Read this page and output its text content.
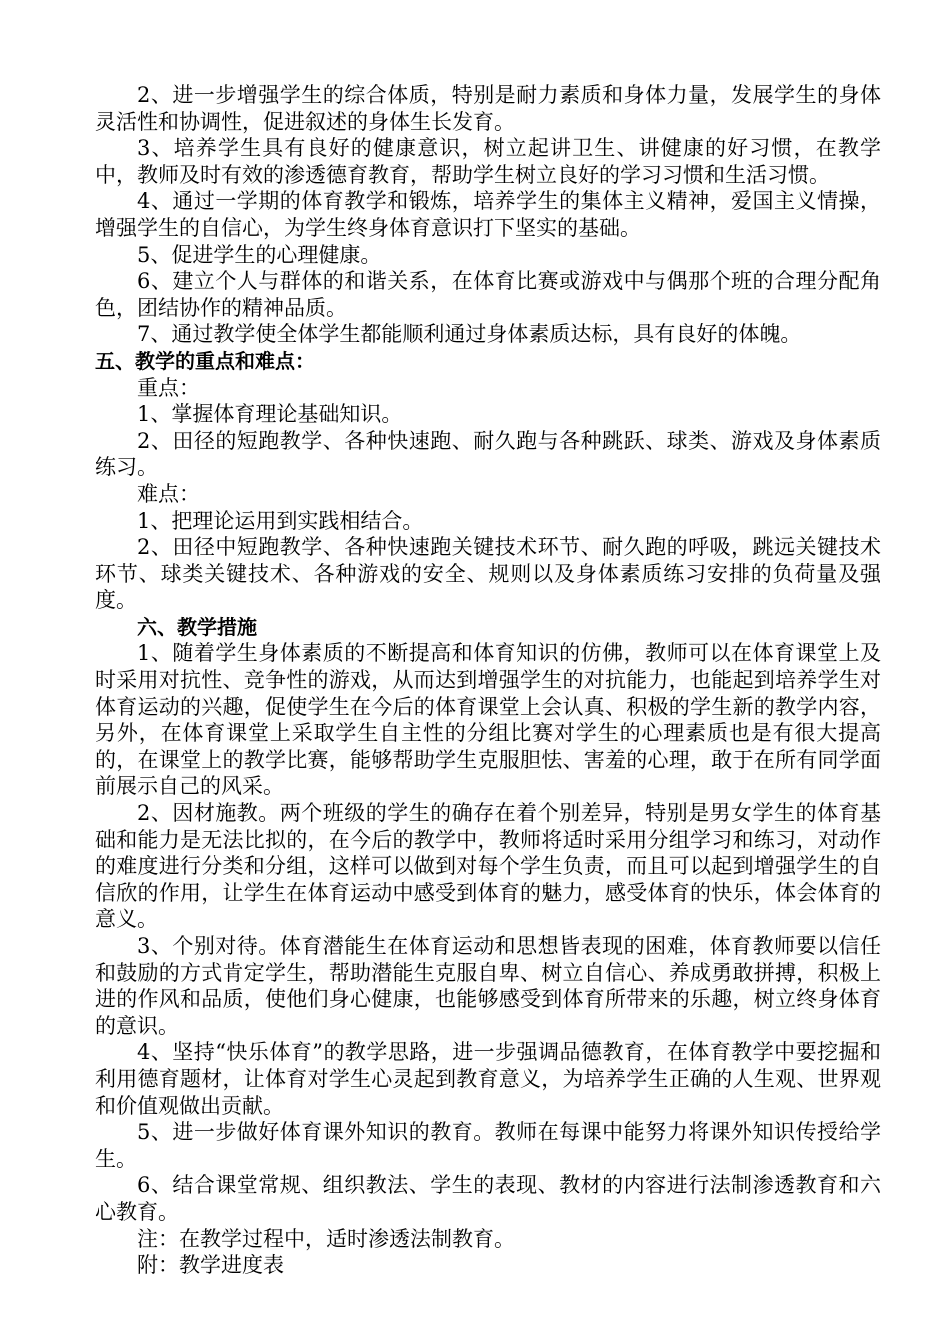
2、进一步增强学生的综合体质，特别是耐力素质和身体力量，发展学生的身体灵活性和协调性，促进叙述的身体生长发育。

3、培养学生具有良好的健康意识，树立起讲卫生、讲健康的好习惯，在教学中，教师及时有效的渗透德育教育，帮助学生树立良好的学习习惯和生活习惯。

4、通过一学期的体育教学和锻炼，培养学生的集体主义精神，爱国主义情操，增强学生的自信心，为学生终身体育意识打下坚实的基础。

5、促进学生的心理健康。

6、建立个人与群体的和谐关系，在体育比赛或游戏中与偶那个班的合理分配角色，团结协作的精神品质。

7、通过教学使全体学生都能顺利通过身体素质达标，具有良好的体魄。

五、教学的重点和难点：

重点：

1、掌握体育理论基础知识。

2、田径的短跑教学、各种快速跑、耐久跑与各种跳跃、球类、游戏及身体素质练习。

难点：

1、把理论运用到实践相结合。

2、田径中短跑教学、各种快速跑关键技术环节、耐久跑的呼吸，跳远关键技术环节、球类关键技术、各种游戏的安全、规则以及身体素质练习安排的负荷量及强度。

六、教学措施

1、随着学生身体素质的不断提高和体育知识的仿佛，教师可以在体育课堂上及时采用对抗性、竞争性的游戏，从而达到增强学生的对抗能力，也能起到培养学生对体育运动的兴趣，促使学生在今后的体育课堂上会认真、积极的学生新的教学内容，另外，在体育课堂上采取学生自主性的分组比赛对学生的心理素质也是有很大提高的，在课堂上的教学比赛，能够帮助学生克服胆怯、害羞的心理，敢于在所有同学面前展示自己的风采。

2、因材施教。两个班级的学生的确存在着个别差异，特别是男女学生的体育基础和能力是无法比拟的，在今后的教学中，教师将适时采用分组学习和练习，对动作的难度进行分类和分组，这样可以做到对每个学生负责，而且可以起到增强学生的自信欣的作用，让学生在体育运动中感受到体育的魅力，感受体育的快乐，体会体育的意义。

3、个别对待。体育潜能生在体育运动和思想皆表现的困难，体育教师要以信任和鼓励的方式肯定学生，帮助潜能生克服自卑、树立自信心、养成勇敢拼搏，积极上进的作风和品质，使他们身心健康，也能够感受到体育所带来的乐趣，树立终身体育的意识。

4、坚持“快乐体育”的教学思路，进一步强调品德教育，在体育教学中要挖掘和利用德育题材，让体育对学生心灵起到教育意义，为培养学生正确的人生观、世界观和价值观做出贡献。

5、进一步做好体育课外知识的教育。教师在每课中能努力将课外知识传授给学生。

6、结合课堂常规、组织教法、学生的表现、教材的内容进行法制渗透教育和六心教育。

注：在教学过程中，适时渗透法制教育。

附：教学进度表
